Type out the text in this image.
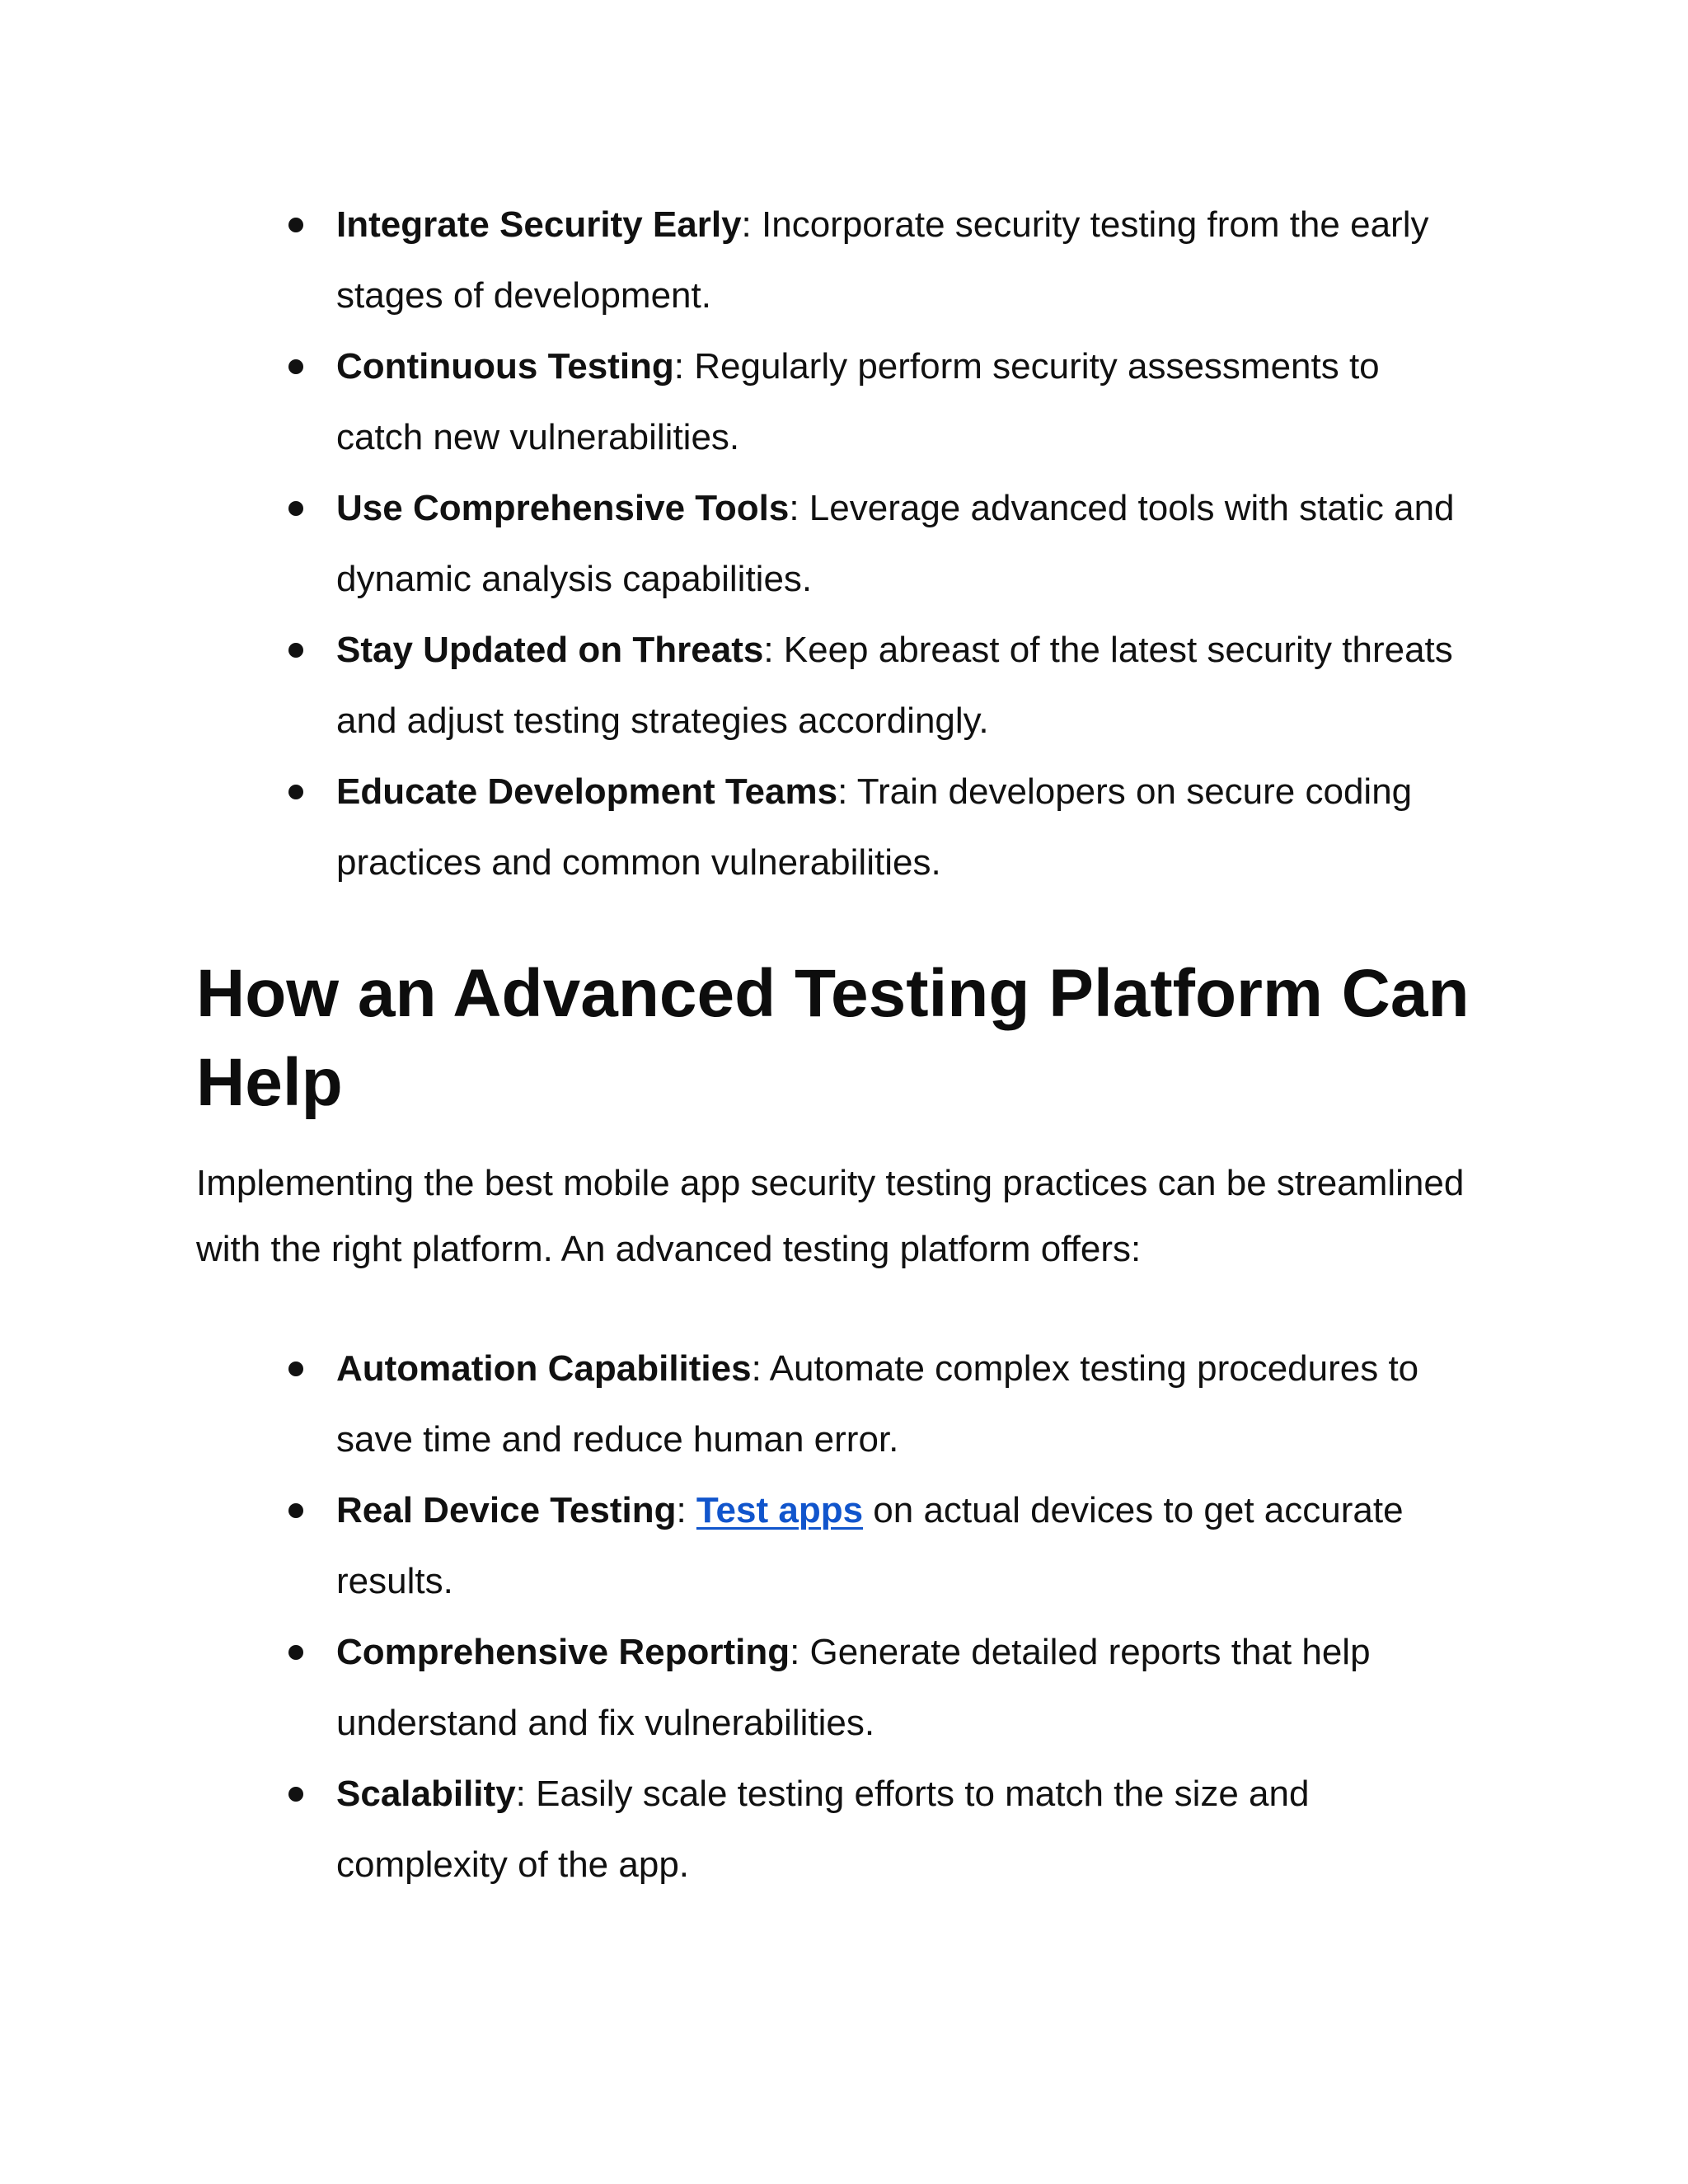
Integrate Security Early: Incorporate security testing from the early stages of development.
Continuous Testing: Regularly perform security assessments to catch new vulnerabilities.
Use Comprehensive Tools: Leverage advanced tools with static and dynamic analysis capabilities.
Stay Updated on Threats: Keep abreast of the latest security threats and adjust testing strategies accordingly.
Educate Development Teams: Train developers on secure coding practices and common vulnerabilities.
How an Advanced Testing Platform Can Help

Implementing the best mobile app security testing practices can be streamlined with the right platform. An advanced testing platform offers:

Automation Capabilities: Automate complex testing procedures to save time and reduce human error.
Real Device Testing: Test apps on actual devices to get accurate results.
Comprehensive Reporting: Generate detailed reports that help understand and fix vulnerabilities.
Scalability: Easily scale testing efforts to match the size and complexity of the app.
